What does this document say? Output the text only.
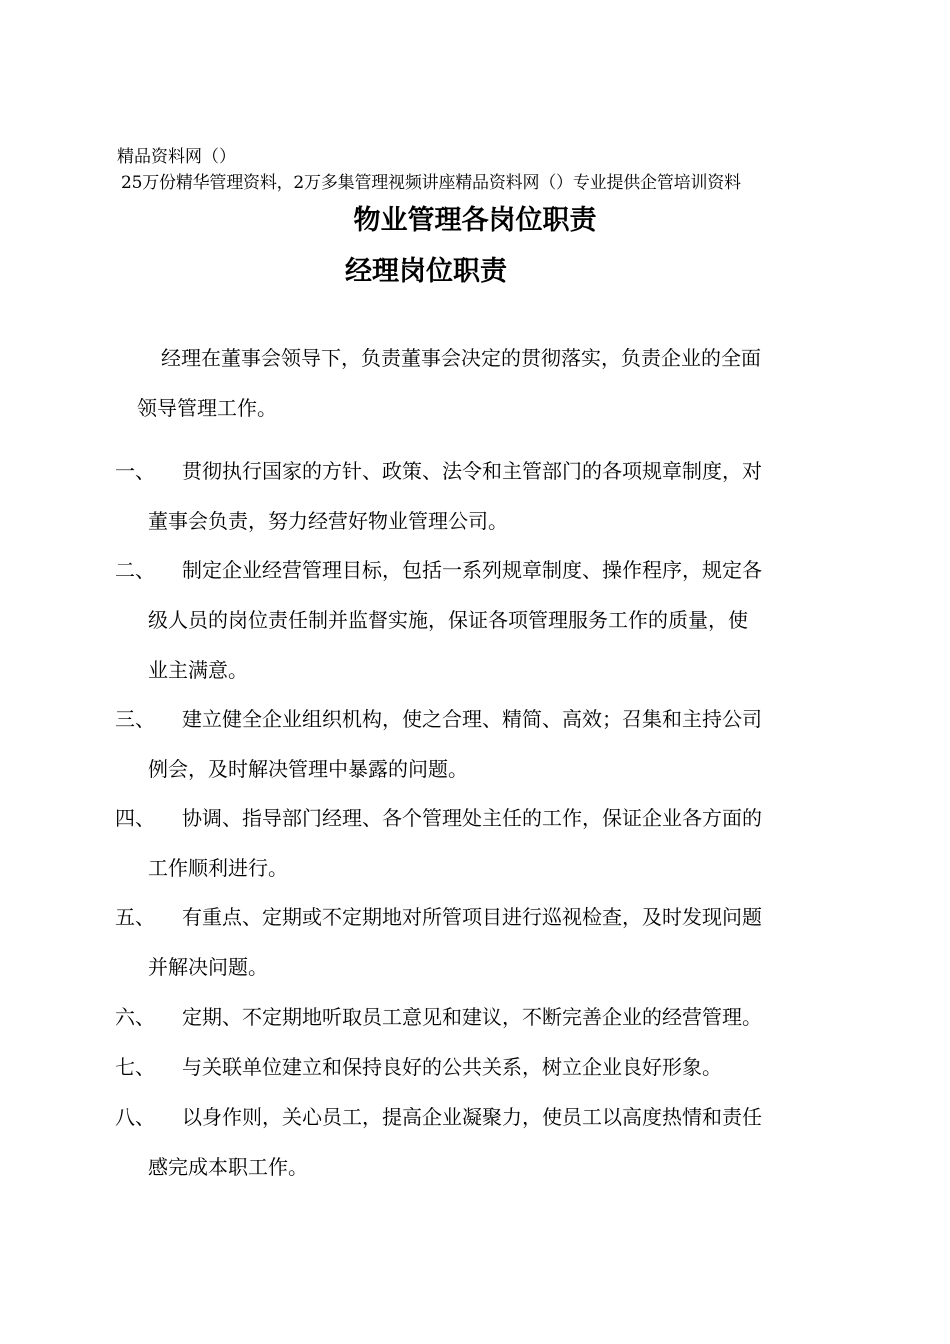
精品资料网（）
25万份精华管理资料，2万多集管理视频讲座精品资料网（）专业提供企管培训资料
物业管理各岗位职责
经理岗位职责
经理在董事会领导下，负责董事会决定的贯彻落实，负责企业的全面
领导管理工作。
一、	贯彻执行国家的方针、政策、法令和主管部门的各项规章制度，对
董事会负责，努力经营好物业管理公司。
二、	制定企业经营管理目标，包括一系列规章制度、操作程序，规定各
级人员的岗位责任制并监督实施，保证各项管理服务工作的质量，使
业主满意。
三、	建立健全企业组织机构，使之合理、精简、高效；召集和主持公司
例会，及时解决管理中暴露的问题。
四、	协调、指导部门经理、各个管理处主任的工作，保证企业各方面的
工作顺利进行。
五、	有重点、定期或不定期地对所管项目进行巡视检查，及时发现问题
并解决问题。
六、	定期、不定期地听取员工意见和建议，不断完善企业的经营管理。
七、	与关联单位建立和保持良好的公共关系，树立企业良好形象。
八、	以身作则，关心员工，提高企业凝聚力，使员工以高度热情和责任
感完成本职工作。
